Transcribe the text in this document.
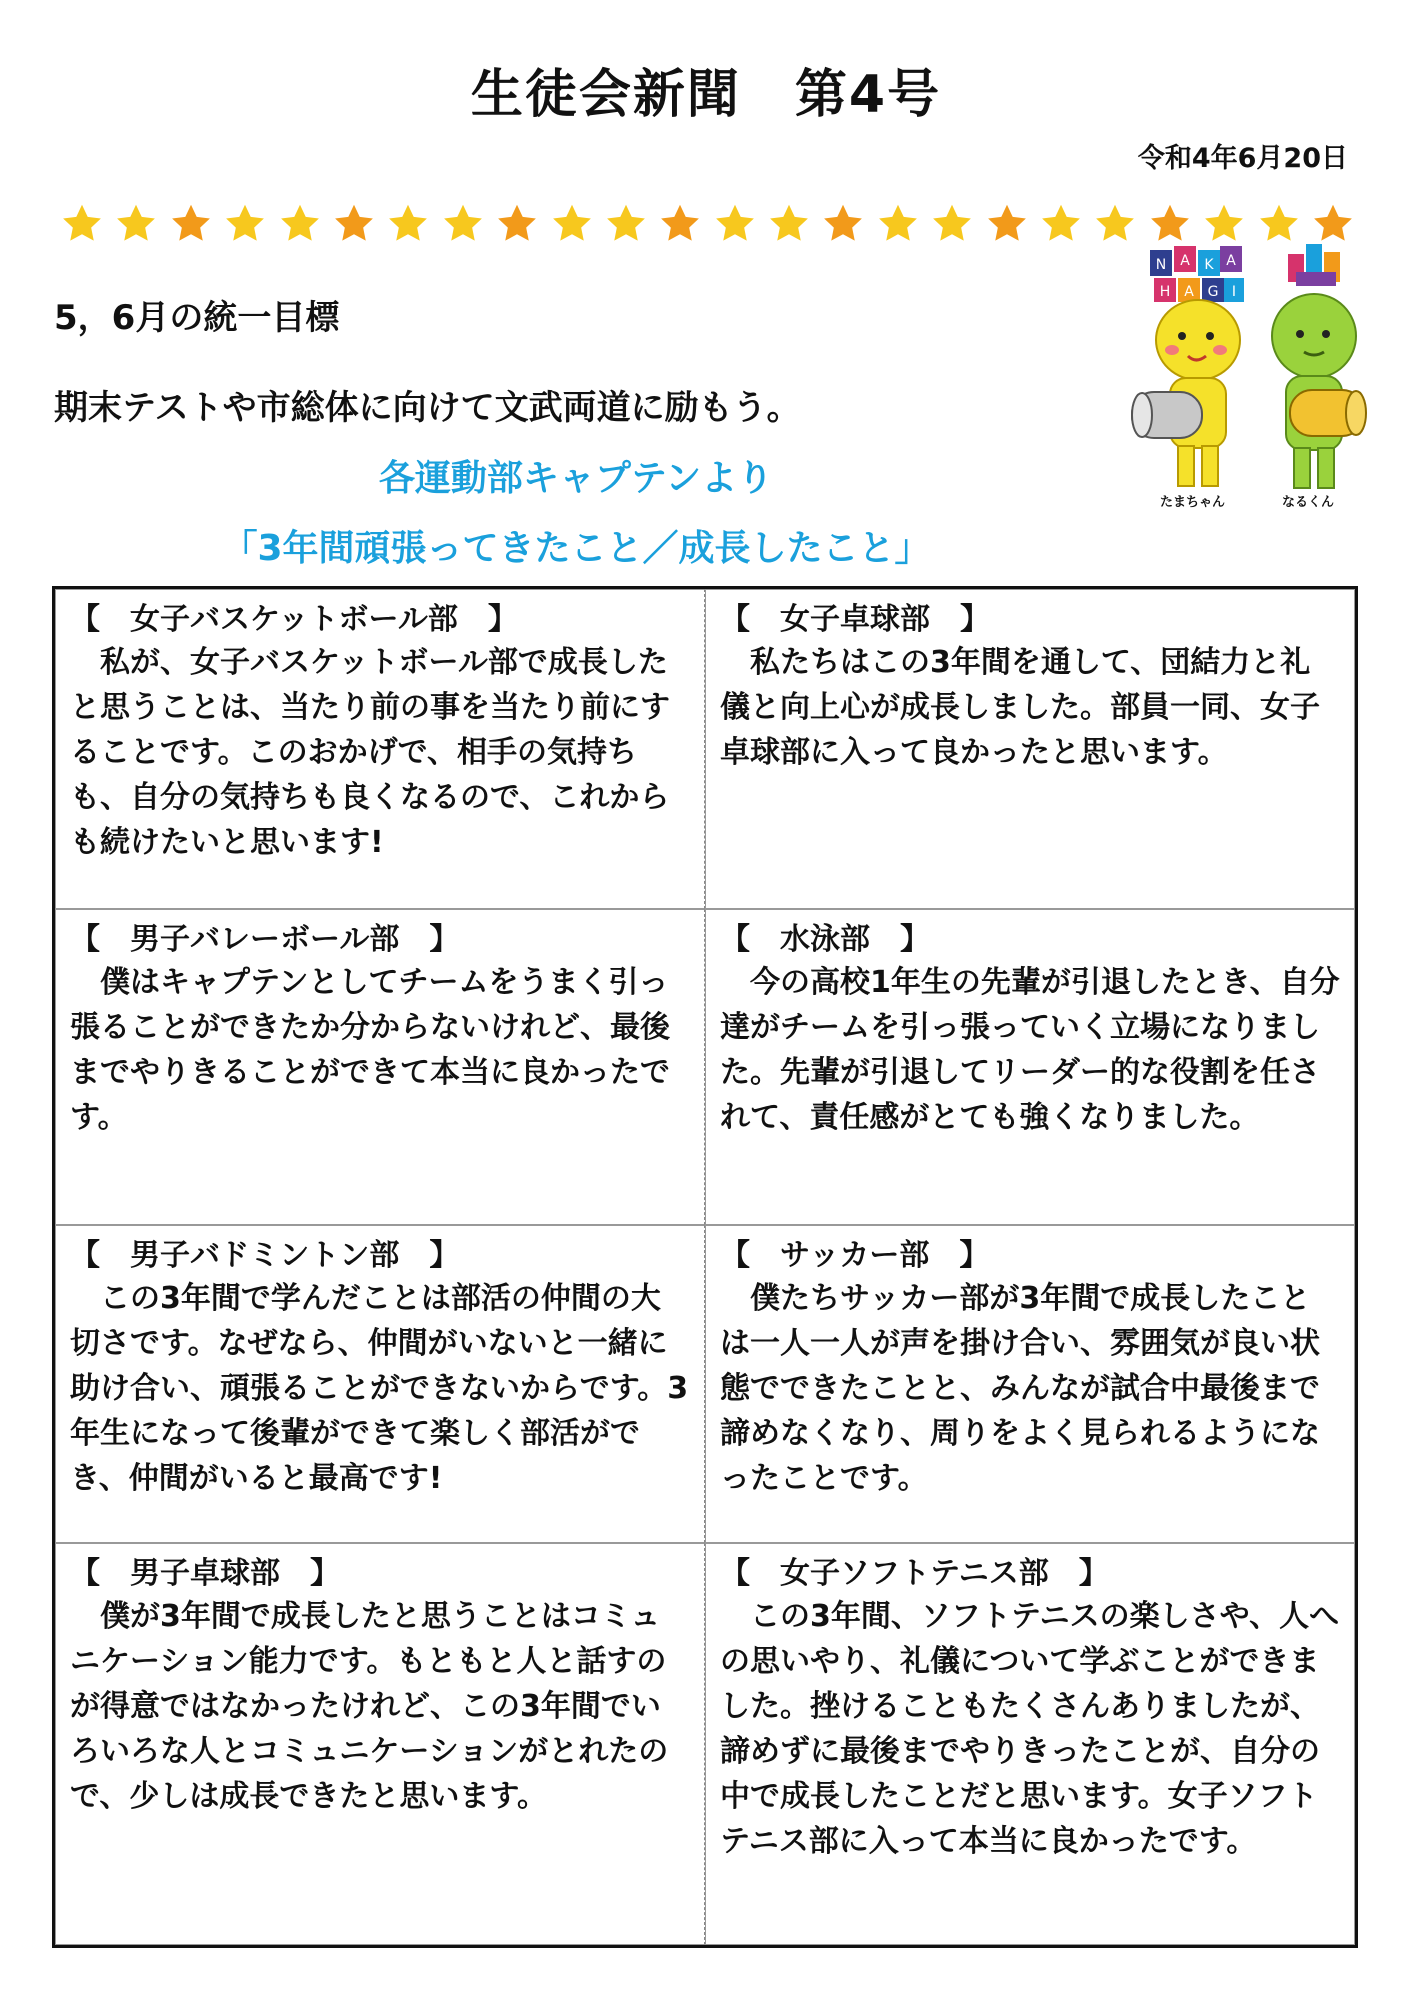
生徒会新聞　第4号
令和4年6月20日
5，6月の統一目標
期末テストや市総体に向けて文武両道に励もう。
各運動部キャプテンより
「3年間頑張ってきたこと／成長したこと」
N A K A
H A G I
たまちゃん	なるくん
【　女子バスケットボール部　】
私が、女子バスケットボール部で成長したと思うことは、当たり前の事を当たり前にすることです。このおかげで、相手の気持ちも、自分の気持ちも良くなるので、これからも続けたいと思います!
【　女子卓球部　】
私たちはこの3年間を通して、団結力と礼儀と向上心が成長しました。部員一同、女子卓球部に入って良かったと思います。
【　男子バレーボール部　】
僕はキャプテンとしてチームをうまく引っ張ることができたか分からないけれど、最後までやりきることができて本当に良かったです。
【　水泳部　】
今の高校1年生の先輩が引退したとき、自分達がチームを引っ張っていく立場になりました。先輩が引退してリーダー的な役割を任されて、責任感がとても強くなりました。
【　男子バドミントン部　】
この3年間で学んだことは部活の仲間の大切さです。なぜなら、仲間がいないと一緒に助け合い、頑張ることができないからです。3年生になって後輩ができて楽しく部活ができ、仲間がいると最高です!
【　サッカー部　】
僕たちサッカー部が3年間で成長したことは一人一人が声を掛け合い、雰囲気が良い状態でできたことと、みんなが試合中最後まで諦めなくなり、周りをよく見られるようになったことです。
【　男子卓球部　】
僕が3年間で成長したと思うことはコミュニケーション能力です。もともと人と話すのが得意ではなかったけれど、この3年間でいろいろな人とコミュニケーションがとれたので、少しは成長できたと思います。
【　女子ソフトテニス部　】
この3年間、ソフトテニスの楽しさや、人への思いやり、礼儀について学ぶことができました。挫けることもたくさんありましたが、諦めずに最後までやりきったことが、自分の中で成長したことだと思います。女子ソフトテニス部に入って本当に良かったです。
